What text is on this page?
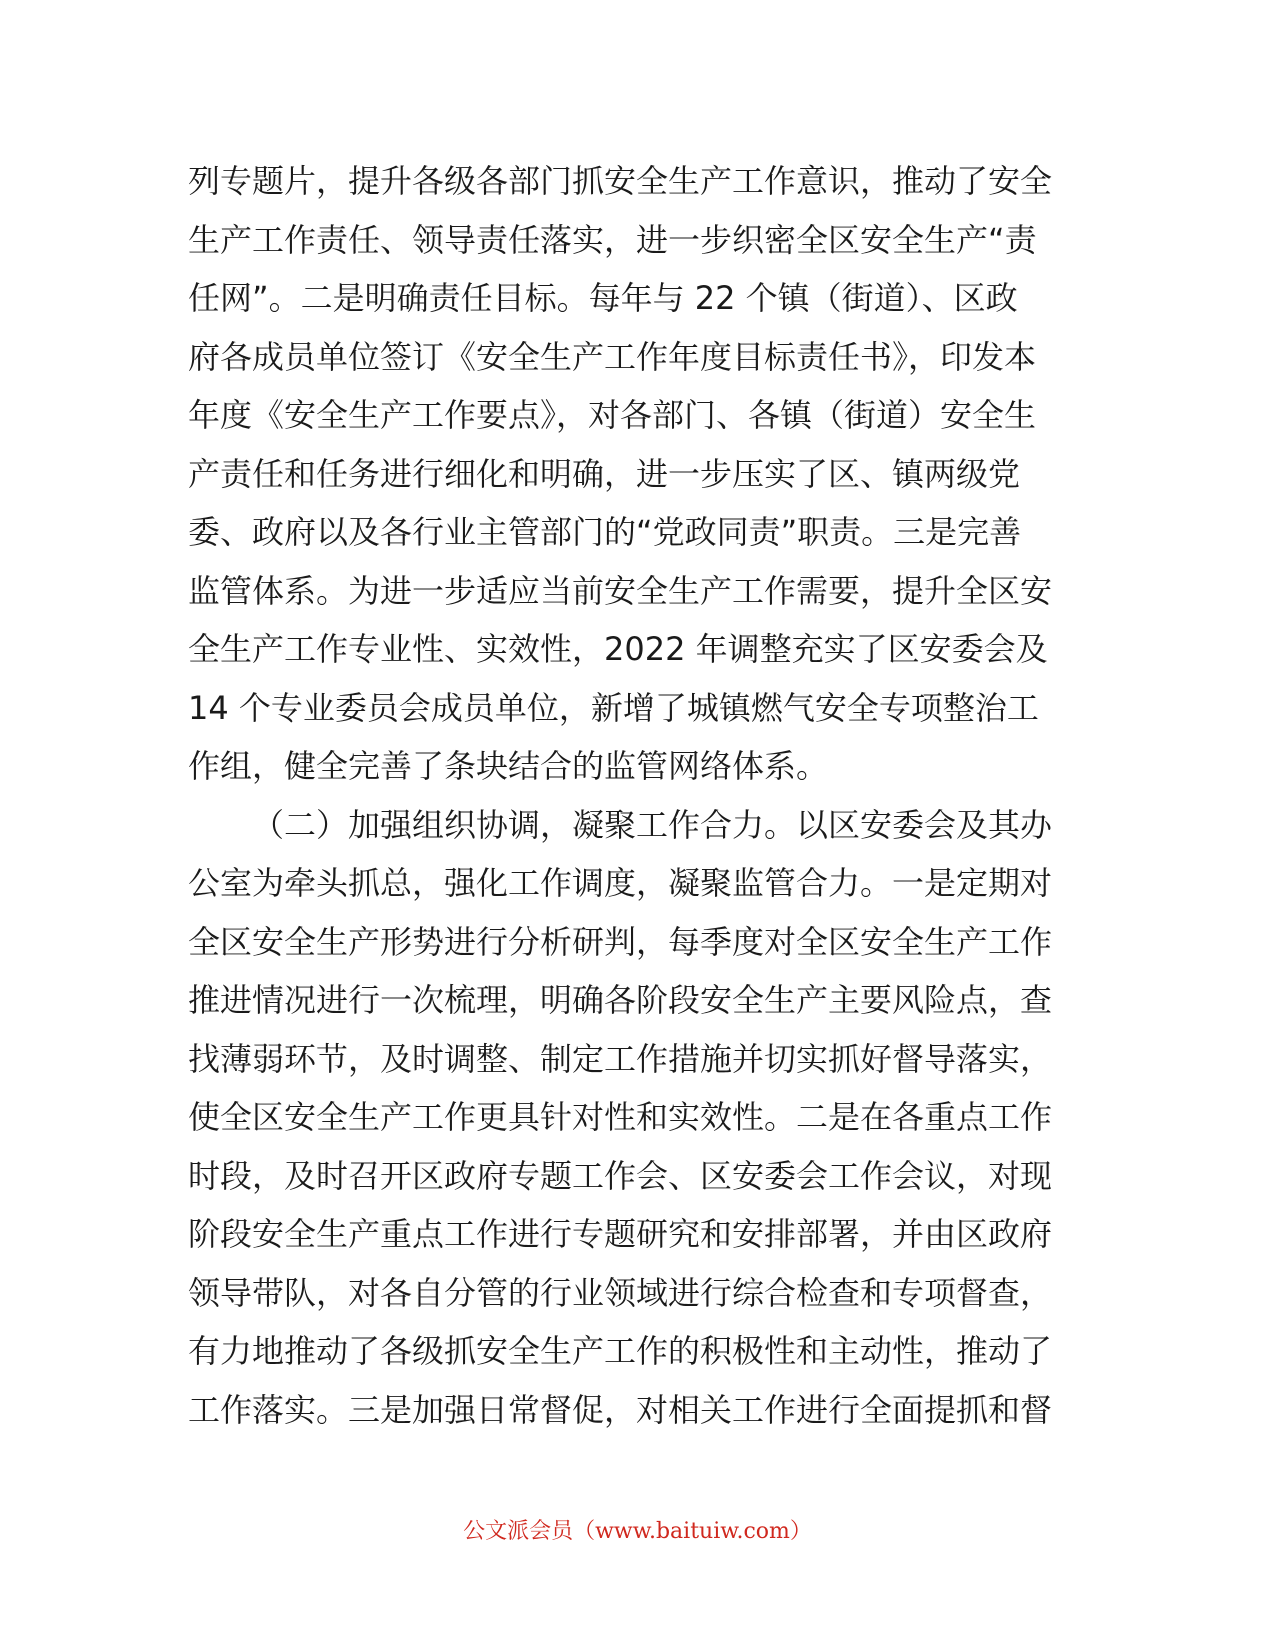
列专题片，提升各级各部门抓安全生产工作意识，推动了安全
生产工作责任、领导责任落实，进一步织密全区安全生产“责
任网”。二是明确责任目标。每年与 22 个镇（街道）、区政
府各成员单位签订《安全生产工作年度目标责任书》，印发本
年度《安全生产工作要点》，对各部门、各镇（街道）安全生
产责任和任务进行细化和明确，进一步压实了区、镇两级党
委、政府以及各行业主管部门的“党政同责”职责。三是完善
监管体系。为进一步适应当前安全生产工作需要，提升全区安
全生产工作专业性、实效性，2022 年调整充实了区安委会及
14 个专业委员会成员单位，新增了城镇燃气安全专项整治工
作组，健全完善了条块结合的监管网络体系。
（二）加强组织协调，凝聚工作合力。以区安委会及其办
公室为牵头抓总，强化工作调度，凝聚监管合力。一是定期对
全区安全生产形势进行分析研判，每季度对全区安全生产工作
推进情况进行一次梳理，明确各阶段安全生产主要风险点，查
找薄弱环节，及时调整、制定工作措施并切实抓好督导落实，
使全区安全生产工作更具针对性和实效性。二是在各重点工作
时段，及时召开区政府专题工作会、区安委会工作会议，对现
阶段安全生产重点工作进行专题研究和安排部署，并由区政府
领导带队，对各自分管的行业领域进行综合检查和专项督查，
有力地推动了各级抓安全生产工作的积极性和主动性，推动了
工作落实。三是加强日常督促，对相关工作进行全面提抓和督
公文派会员（www.baituiw.com）
